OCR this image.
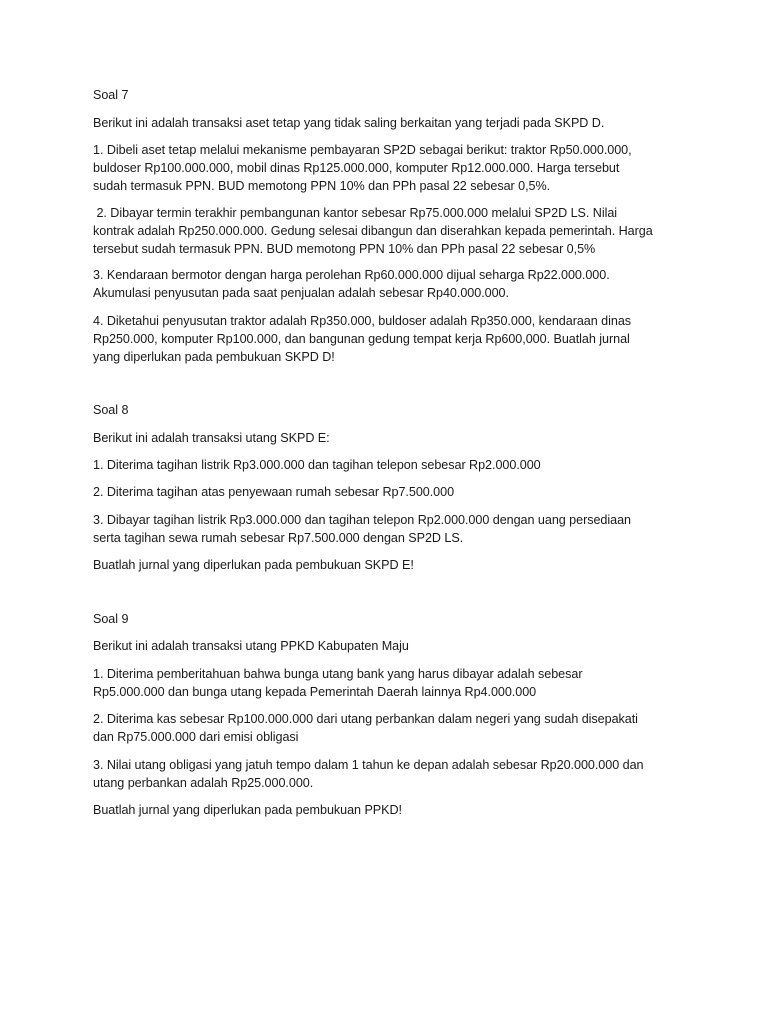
Soal 7
Berikut ini adalah transaksi aset tetap yang tidak saling berkaitan yang terjadi pada SKPD D.
1. Dibeli aset tetap melalui mekanisme pembayaran SP2D sebagai berikut: traktor Rp50.000.000,
buldoser Rp100.000.000, mobil dinas Rp125.000.000, komputer Rp12.000.000. Harga tersebut
sudah termasuk PPN. BUD memotong PPN 10% dan PPh pasal 22 sebesar 0,5%.
2. Dibayar termin terakhir pembangunan kantor sebesar Rp75.000.000 melalui SP2D LS. Nilai
kontrak adalah Rp250.000.000. Gedung selesai dibangun dan diserahkan kepada pemerintah. Harga
tersebut sudah termasuk PPN. BUD memotong PPN 10% dan PPh pasal 22 sebesar 0,5%
3. Kendaraan bermotor dengan harga perolehan Rp60.000.000 dijual seharga Rp22.000.000.
Akumulasi penyusutan pada saat penjualan adalah sebesar Rp40.000.000.
4. Diketahui penyusutan traktor adalah Rp350.000, buldoser adalah Rp350.000, kendaraan dinas
Rp250.000, komputer Rp100.000, dan bangunan gedung tempat kerja Rp600,000. Buatlah jurnal
yang diperlukan pada pembukuan SKPD D!
Soal 8
Berikut ini adalah transaksi utang SKPD E:
1. Diterima tagihan listrik Rp3.000.000 dan tagihan telepon sebesar Rp2.000.000
2. Diterima tagihan atas penyewaan rumah sebesar Rp7.500.000
3. Dibayar tagihan listrik Rp3.000.000 dan tagihan telepon Rp2.000.000 dengan uang persediaan
serta tagihan sewa rumah sebesar Rp7.500.000 dengan SP2D LS.
Buatlah jurnal yang diperlukan pada pembukuan SKPD E!
Soal 9
Berikut ini adalah transaksi utang PPKD Kabupaten Maju
1. Diterima pemberitahuan bahwa bunga utang bank yang harus dibayar adalah sebesar
Rp5.000.000 dan bunga utang kepada Pemerintah Daerah lainnya Rp4.000.000
2. Diterima kas sebesar Rp100.000.000 dari utang perbankan dalam negeri yang sudah disepakati
dan Rp75.000.000 dari emisi obligasi
3. Nilai utang obligasi yang jatuh tempo dalam 1 tahun ke depan adalah sebesar Rp20.000.000 dan
utang perbankan adalah Rp25.000.000.
Buatlah jurnal yang diperlukan pada pembukuan PPKD!
